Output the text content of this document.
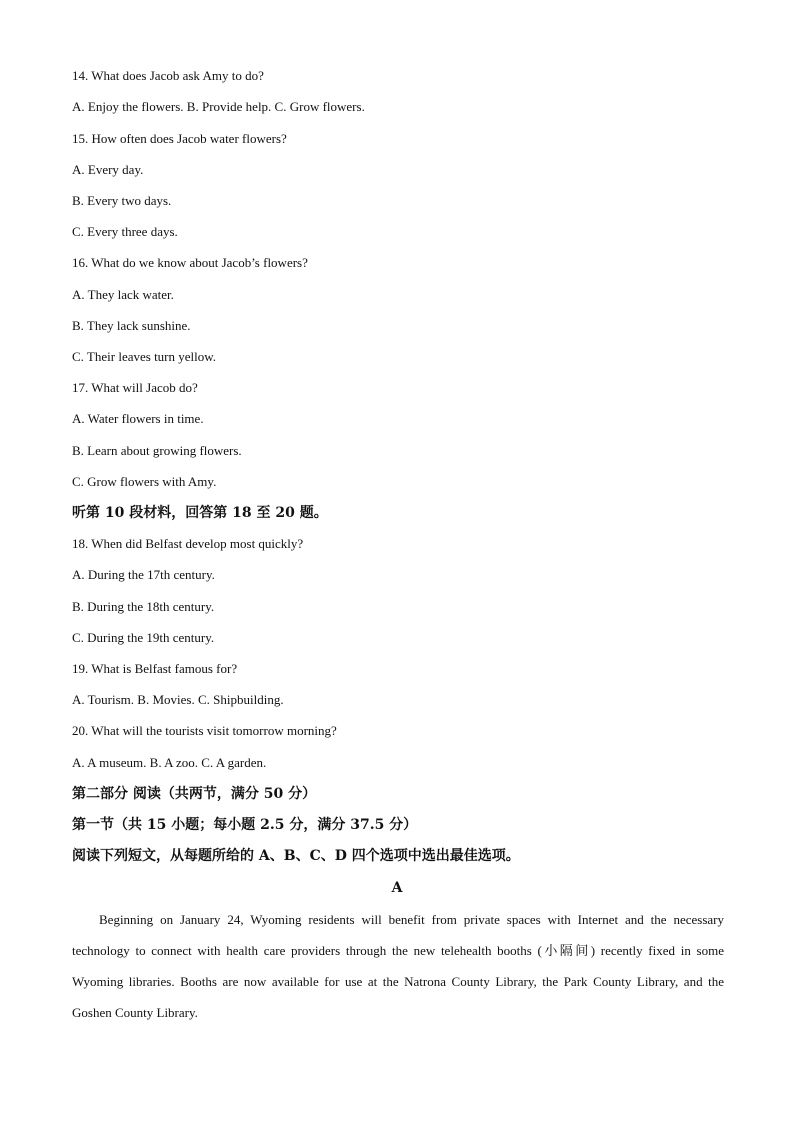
14. What does Jacob ask Amy to do?
A. Enjoy the flowers. B. Provide help. C. Grow flowers.
15. How often does Jacob water flowers?
A. Every day.
B. Every two days.
C. Every three days.
16. What do we know about Jacob’s flowers?
A. They lack water.
B. They lack sunshine.
C. Their leaves turn yellow.
17. What will Jacob do?
A. Water flowers in time.
B. Learn about growing flowers.
C. Grow flowers with Amy.
听第 10 段材料，回答第 18 至 20 题。
18. When did Belfast develop most quickly?
A. During the 17th century.
B. During the 18th century.
C. During the 19th century.
19. What is Belfast famous for?
A. Tourism. B. Movies. C. Shipbuilding.
20. What will the tourists visit tomorrow morning?
A. A museum. B. A zoo. C. A garden.
第二部分 阅读（共两节，满分 50 分）
第一节（共 15 小题；每小题 2.5 分，满分 37.5 分）
阅读下列短文，从每题所给的 A、B、C、D 四个选项中选出最佳选项。
A
Beginning on January 24, Wyoming residents will benefit from private spaces with Internet and the necessary technology to connect with health care providers through the new telehealth booths (小隔间) recently fixed in some Wyoming libraries. Booths are now available for use at the Natrona County Library, the Park County Library, and the Goshen County Library.
